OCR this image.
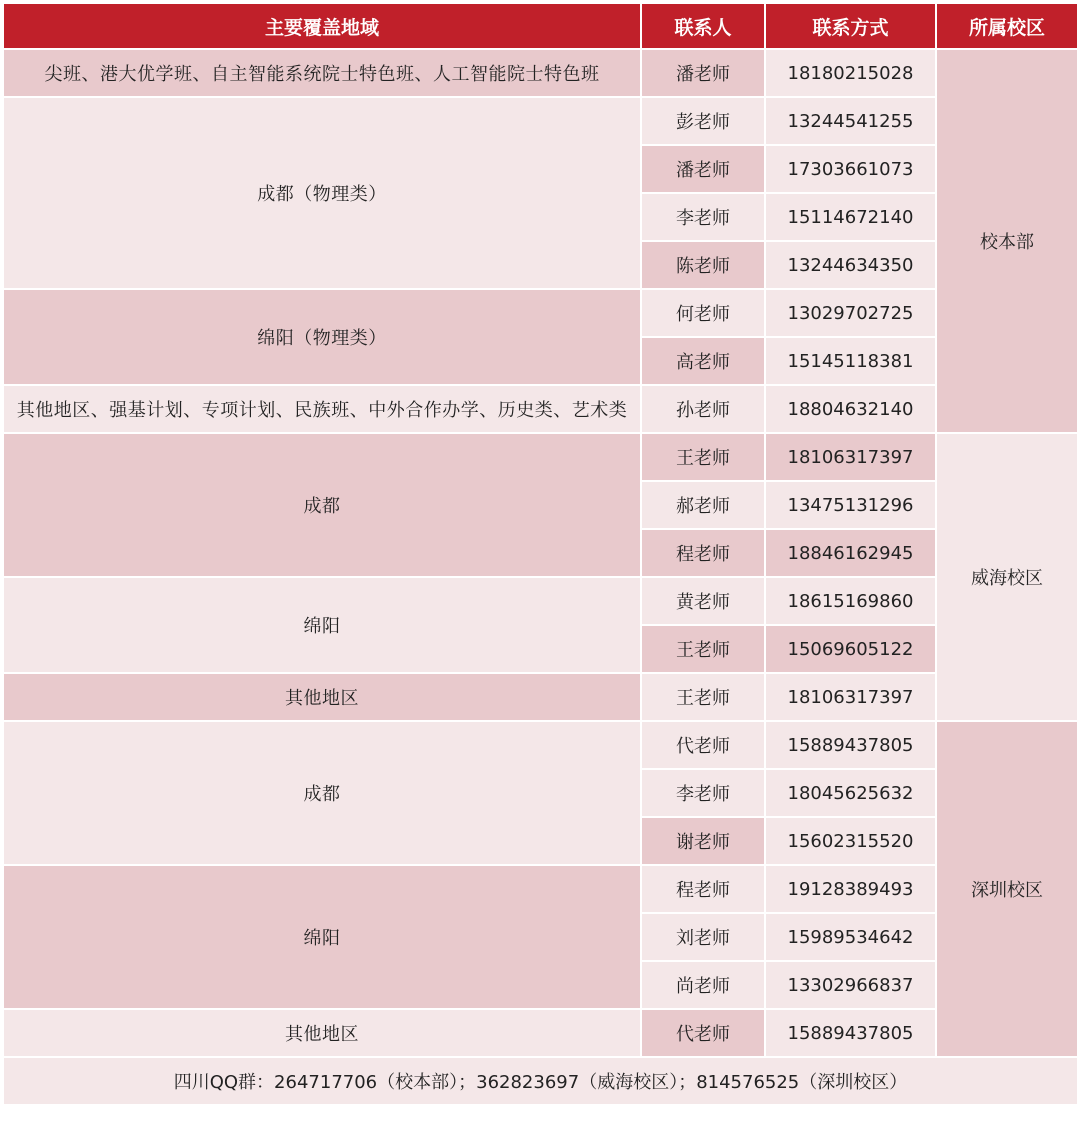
主要覆盖地域	联系人	联系方式	所属校区
尖班、港大优学班、自主智能系统院士特色班、人工智能院士特色班	潘老师	18180215028	校本部
成都（物理类）	彭老师	13244541255	
	潘老师	17303661073	
	李老师	15114672140	
	陈老师	13244634350	
绵阳（物理类）	何老师	13029702725	
	高老师	15145118381	
其他地区、强基计划、专项计划、民族班、中外合作办学、历史类、艺术类	孙老师	18804632140	
成都	王老师	18106317397	威海校区
	郝老师	13475131296	
	程老师	18846162945	
绵阳	黄老师	18615169860	
	王老师	15069605122	
其他地区	王老师	18106317397	
成都	代老师	15889437805	深圳校区
	李老师	18045625632	
	谢老师	15602315520	
绵阳	程老师	19128389493	
	刘老师	15989534642	
	尚老师	13302966837	
其他地区	代老师	15889437805	
四川QQ群：264717706（校本部）；362823697（威海校区）；814576525（深圳校区）			
